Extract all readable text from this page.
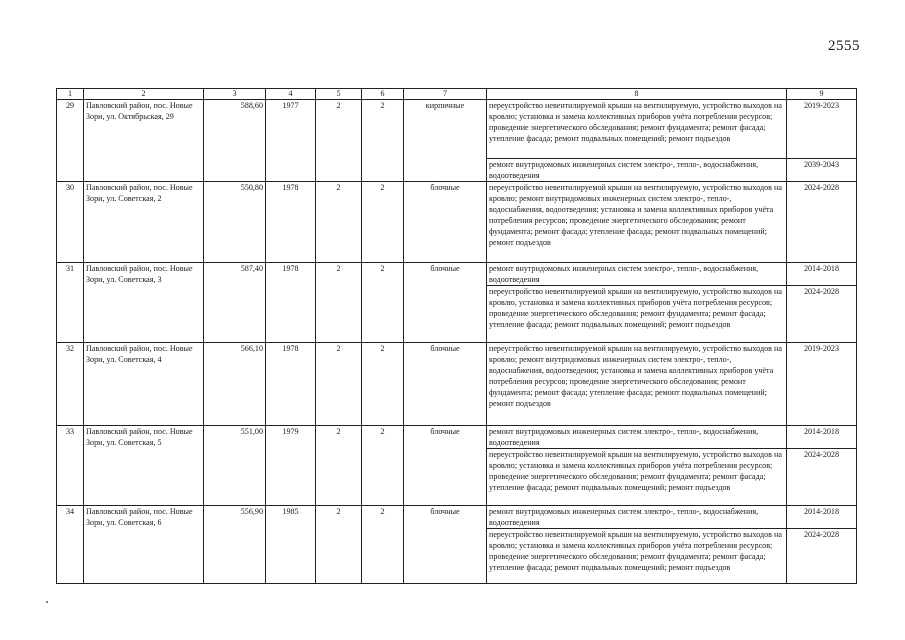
2555
1	2	3	4	5	6	7	8	9
29	Павловский район, пос. Новые Зори, ул. Октябрьская, 29	588,60	1977	2	2	кирпичные	переустройство невентилируемой крыши на вентилируемую, устройство выходов на кровлю; установка и замена коллективных приборов учёта потребления ресурсов; проведение энергетического обследования; ремонт фундамента; ремонт фасада; утепление фасада; ремонт подвальных помещений; ремонт подъездов	2019-2023
							ремонт внутридомовых инженерных систем электро-, тепло-, водоснабжения, водоотведения	2039-2043
30	Павловский район, пос. Новые Зори, ул. Советская, 2	550,80	1978	2	2	блочные	переустройство невентилируемой крыши на вентилируемую, устройство выходов на кровлю; ремонт внутридомовых инженерных систем электро-, тепло-, водоснабжения, водоотведения; установка и замена коллективных приборов учёта потребления ресурсов; проведение энергетического обследования; ремонт фундамента; ремонт фасада; утепление фасада; ремонт подвальных помещений; ремонт подъездов	2024-2028
31	Павловский район, пос. Новые Зори, ул. Советская, 3	587,40	1978	2	2	блочные	ремонт внутридомовых инженерных систем электро-, тепло-, водоснабжения, водоотведения	2014-2018
							переустройство невентилируемой крыши на вентилируемую, устройство выходов на кровлю, установка и замена коллективных приборов учёта потребления ресурсов; проведение энергетического обследования; ремонт фундамента; ремонт фасада; утепление фасада; ремонт подвальных помещений; ремонт подъездов	2024-2028
32	Павловский район, пос. Новые Зори, ул. Советская, 4	566,10	1978	2	2	блочные	переустройство невентилируемой крыши на вентилируемую, устройство выходов на кровлю; ремонт внутридомовых инженерных систем электро-, тепло-, водоснабжения, водоотведения; установка и замена коллективных приборов учёта потребления ресурсов; проведение энергетического обследования; ремонт фундамента; ремонт фасада; утепление фасада; ремонт подвальных помещений; ремонт подъездов	2019-2023
33	Павловский район, пос. Новые Зори, ул. Советская, 5	551,00	1979	2	2	блочные	ремонт внутридомовых инженерных систем электро-, тепло-, водоснабжения, водоотведения	2014-2018
							переустройство невентилируемой крыши на вентилируемую, устройство выходов на кровлю; установка и замена коллективных приборов учёта потребления ресурсов; проведение энергетического обследования; ремонт фундамента; ремонт фасада; утепление фасада; ремонт подвальных помещений; ремонт подъездов	2024-2028
34	Павловский район, пос. Новые Зори, ул. Советская, 6	556,90	1985	2	2	блочные	ремонт внутридомовых инженерных систем электро-, тепло-, водоснабжения, водоотведения	2014-2018
							переустройство невентилируемой крыши на вентилируемую, устройство выходов на кровлю; установка и замена коллективных приборов учёта потребления ресурсов; проведение энергетического обследования; ремонт фундамента; ремонт фасада; утепление фасада; ремонт подвальных помещений; ремонт подъездов	2024-2028
